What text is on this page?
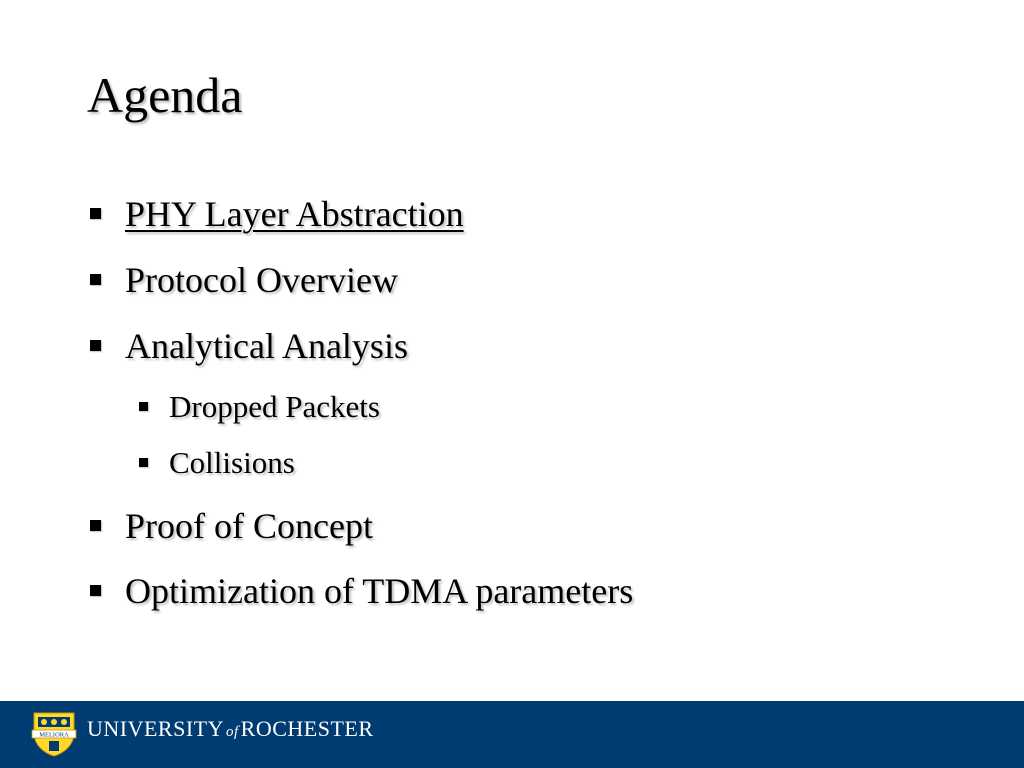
Agenda
PHY Layer Abstraction
Protocol Overview
Analytical Analysis
Dropped Packets
Collisions
Proof of Concept
Optimization of TDMA parameters
MELIORA UNIVERSITY of ROCHESTER
